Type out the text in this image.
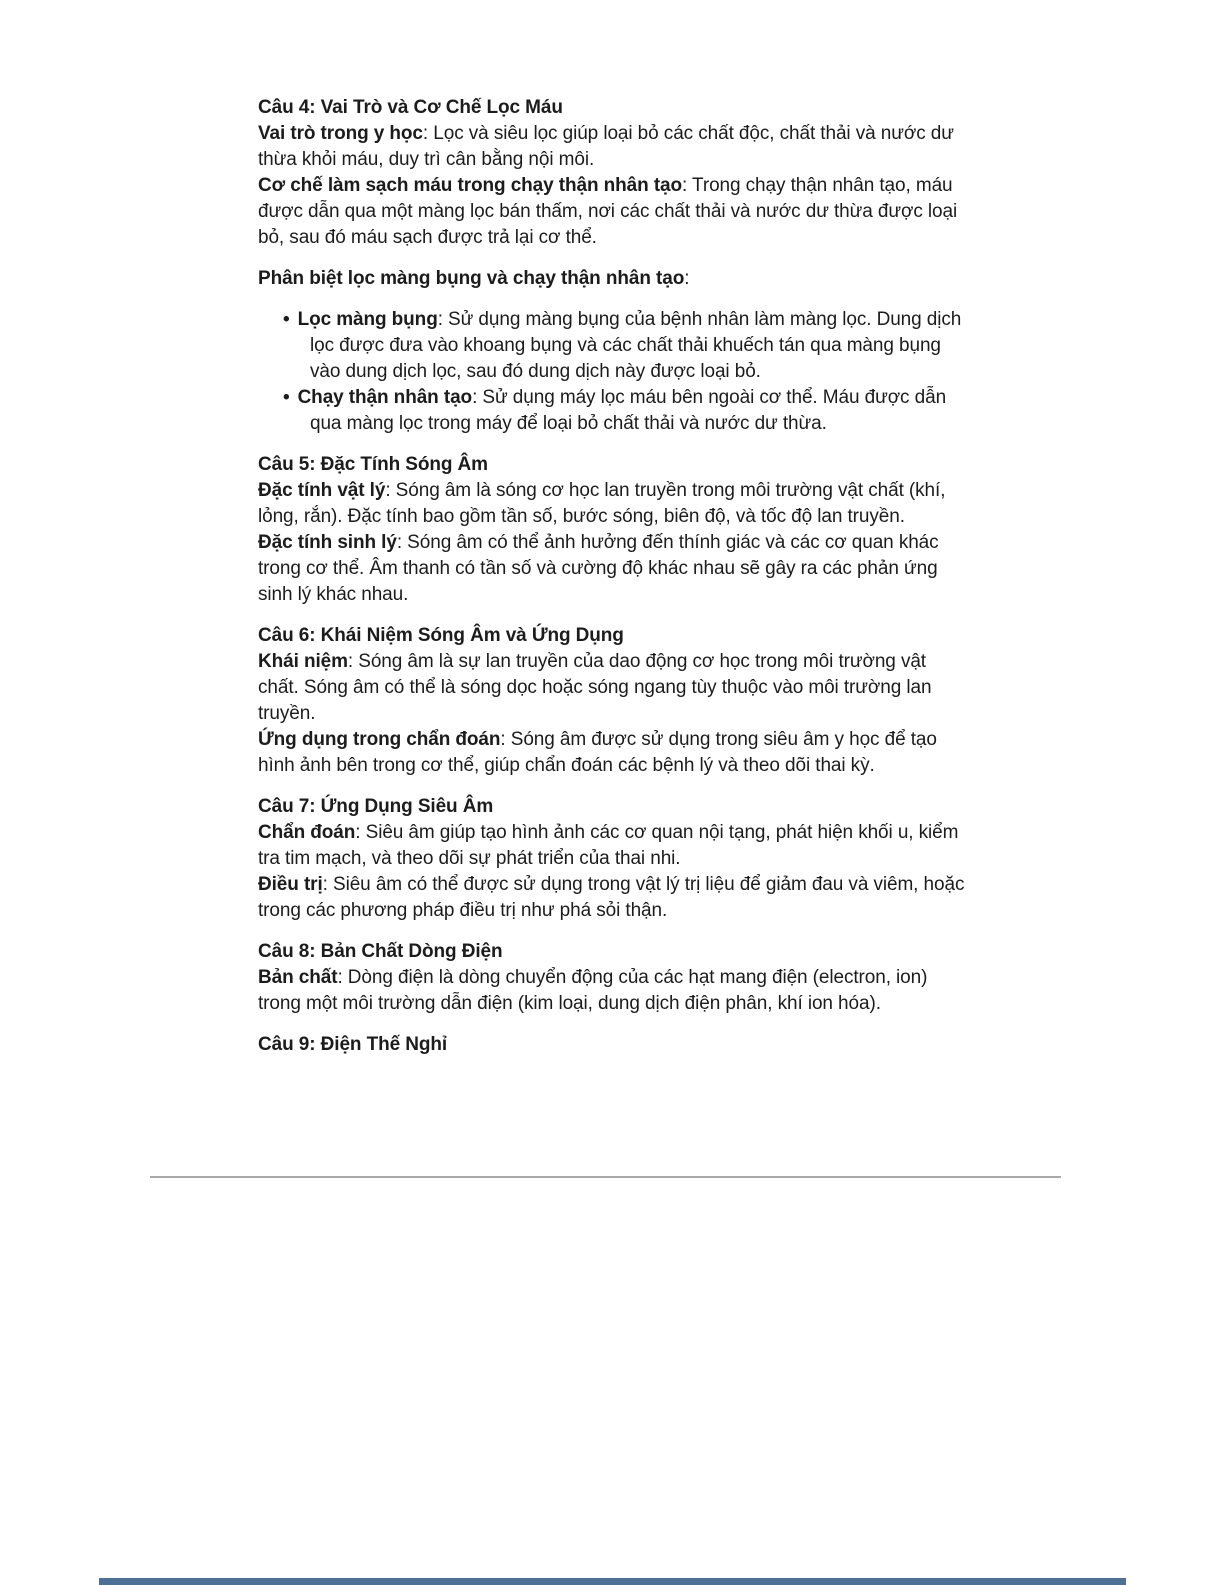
Câu 4: Vai Trò và Cơ Chế Lọc Máu

Vai trò trong y học: Lọc và siêu lọc giúp loại bỏ các chất độc, chất thải và nước dư thừa khỏi máu, duy trì cân bằng nội môi.

Cơ chế làm sạch máu trong chạy thận nhân tạo: Trong chạy thận nhân tạo, máu được dẫn qua một màng lọc bán thấm, nơi các chất thải và nước dư thừa được loại bỏ, sau đó máu sạch được trả lại cơ thể.

Phân biệt lọc màng bụng và chạy thận nhân tạo:

• Lọc màng bụng: Sử dụng màng bụng của bệnh nhân làm màng lọc. Dung dịch lọc được đưa vào khoang bụng và các chất thải khuếch tán qua màng bụng vào dung dịch lọc, sau đó dung dịch này được loại bỏ.
• Chạy thận nhân tạo: Sử dụng máy lọc máu bên ngoài cơ thể. Máu được dẫn qua màng lọc trong máy để loại bỏ chất thải và nước dư thừa.

Câu 5: Đặc Tính Sóng Âm

Đặc tính vật lý: Sóng âm là sóng cơ học lan truyền trong môi trường vật chất (khí, lỏng, rắn). Đặc tính bao gồm tần số, bước sóng, biên độ, và tốc độ lan truyền.

Đặc tính sinh lý: Sóng âm có thể ảnh hưởng đến thính giác và các cơ quan khác trong cơ thể. Âm thanh có tần số và cường độ khác nhau sẽ gây ra các phản ứng sinh lý khác nhau.

Câu 6: Khái Niệm Sóng Âm và Ứng Dụng

Khái niệm: Sóng âm là sự lan truyền của dao động cơ học trong môi trường vật chất. Sóng âm có thể là sóng dọc hoặc sóng ngang tùy thuộc vào môi trường lan truyền.

Ứng dụng trong chẩn đoán: Sóng âm được sử dụng trong siêu âm y học để tạo hình ảnh bên trong cơ thể, giúp chẩn đoán các bệnh lý và theo dõi thai kỳ.

Câu 7: Ứng Dụng Siêu Âm

Chẩn đoán: Siêu âm giúp tạo hình ảnh các cơ quan nội tạng, phát hiện khối u, kiểm tra tim mạch, và theo dõi sự phát triển của thai nhi.

Điều trị: Siêu âm có thể được sử dụng trong vật lý trị liệu để giảm đau và viêm, hoặc trong các phương pháp điều trị như phá sỏi thận.

Câu 8: Bản Chất Dòng Điện

Bản chất: Dòng điện là dòng chuyển động của các hạt mang điện (electron, ion) trong một môi trường dẫn điện (kim loại, dung dịch điện phân, khí ion hóa).

Câu 9: Điện Thế Nghỉ
